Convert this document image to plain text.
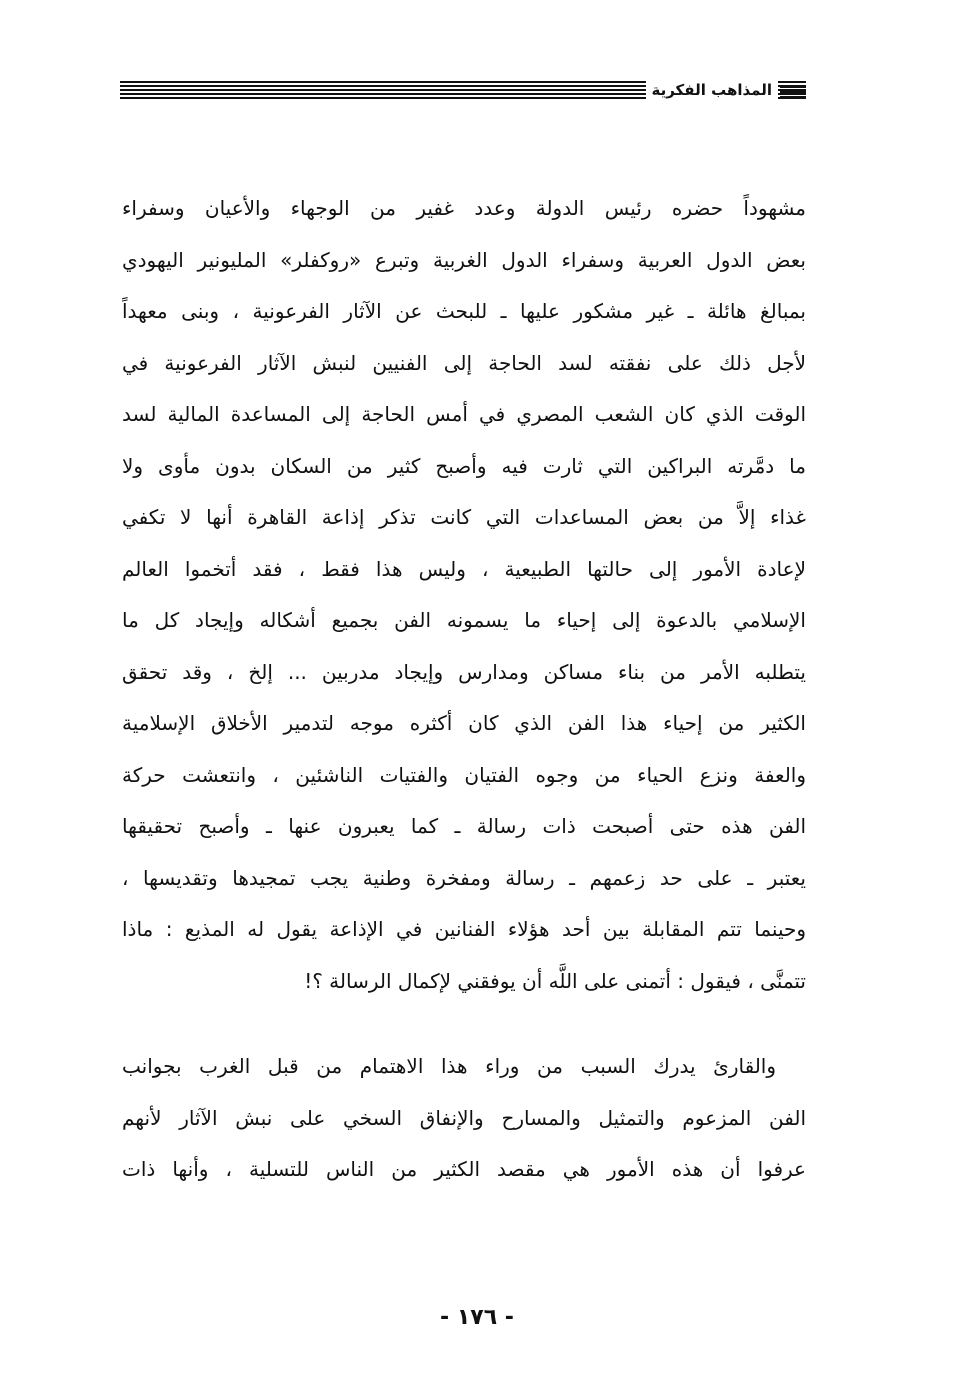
المذاهب الفكرية
مشهوداً حضره رئيس الدولة وعدد غفير من الوجهاء والأعيان وسفراء
بعض الدول العربية وسفراء الدول الغربية وتبرع «روكفلر» المليونير اليهودي
بمبالغ هائلة ـ غير مشكور عليها ـ للبحث عن الآثار الفرعونية ، وبنى معهداً
لأجل ذلك على نفقته لسد الحاجة إلى الفنيين لنبش الآثار الفرعونية في
الوقت الذي كان الشعب المصري في أمس الحاجة إلى المساعدة المالية لسد
ما دمَّرته البراكين التي ثارت فيه وأصبح كثير من السكان بدون مأوى ولا
غذاء إلاَّ من بعض المساعدات التي كانت تذكر إذاعة القاهرة أنها لا تكفي
لإعادة الأمور إلى حالتها الطبيعية ، وليس هذا فقط ، فقد أتخموا العالم
الإسلامي بالدعوة إلى إحياء ما يسمونه الفن بجميع أشكاله وإيجاد كل ما
يتطلبه الأمر من بناء مساكن ومدارس وإيجاد مدربين ... إلخ ، وقد تحقق
الكثير من إحياء هذا الفن الذي كان أكثره موجه لتدمير الأخلاق الإسلامية
والعفة ونزع الحياء من وجوه الفتيان والفتيات الناشئين ، وانتعشت حركة
الفن هذه حتى أصبحت ذات رسالة ـ كما يعبرون عنها ـ وأصبح تحقيقها
يعتبر ـ على حد زعمهم ـ رسالة ومفخرة وطنية يجب تمجيدها وتقديسها ،
وحينما تتم المقابلة بين أحد هؤلاء الفنانين في الإذاعة يقول له المذيع : ماذا
تتمنَّى ، فيقول : أتمنى على اللَّه أن يوفقني لإكمال الرسالة ؟!
والقارئ يدرك السبب من وراء هذا الاهتمام من قبل الغرب بجوانب
الفن المزعوم والتمثيل والمسارح والإنفاق السخي على نبش الآثار لأنهم
عرفوا أن هذه الأمور هي مقصد الكثير من الناس للتسلية ، وأنها ذات
- ١٧٦ -
